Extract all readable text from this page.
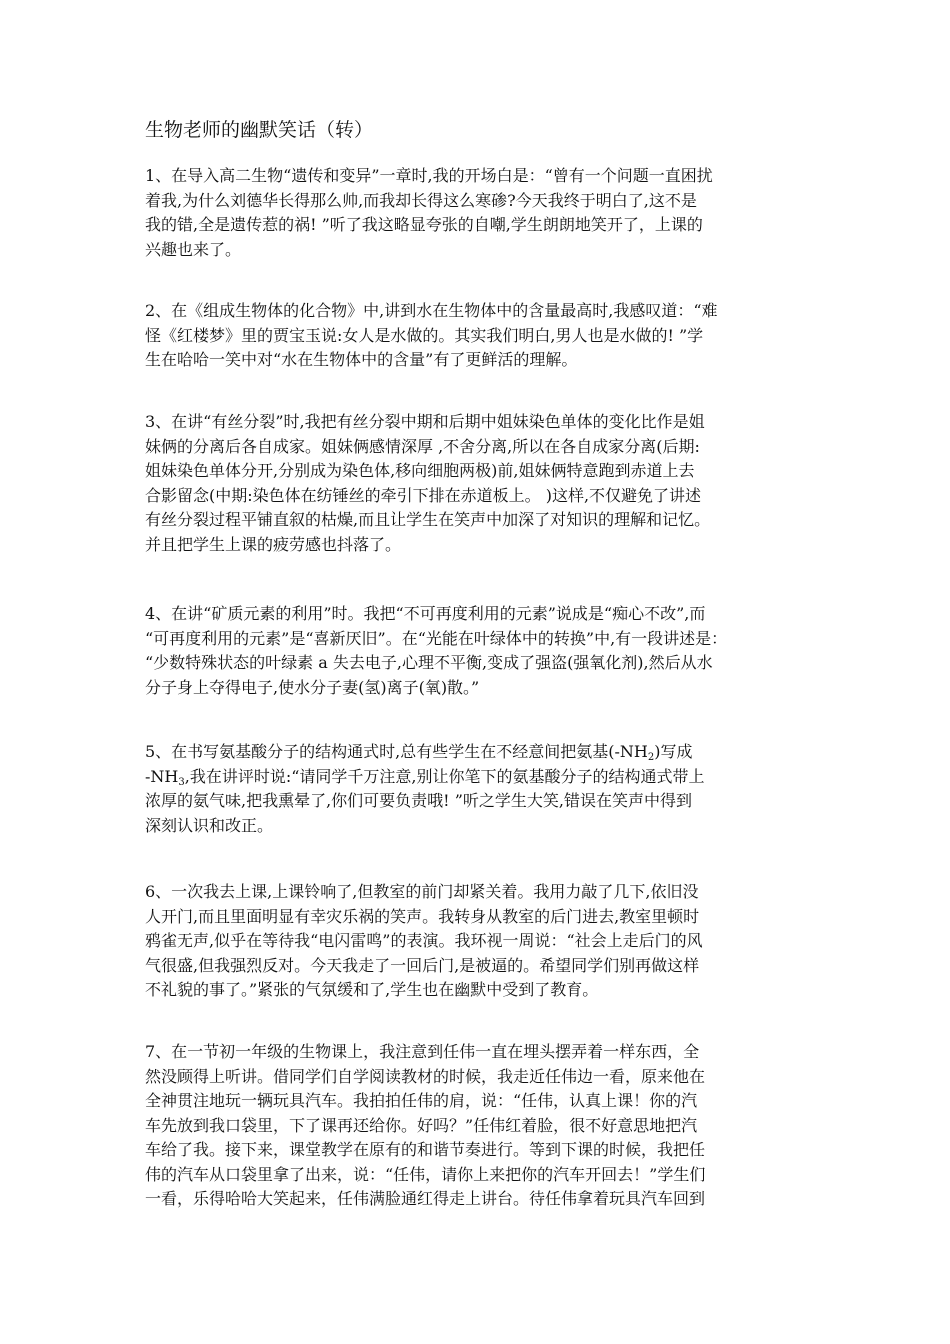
生物老师的幽默笑话（转）

1、在导入高二生物“遗传和变异”一章时,我的开场白是：“曾有一个问题一直困扰
着我,为什么刘德华长得那么帅,而我却长得这么寒碜?今天我终于明白了,这不是
我的错,全是遗传惹的祸! ”听了我这略显夸张的自嘲,学生朗朗地笑开了，上课的
兴趣也来了。

2、在《组成生物体的化合物》中,讲到水在生物体中的含量最高时,我感叹道：“难
怪《红楼梦》里的贾宝玉说:女人是水做的。其实我们明白,男人也是水做的! ”学
生在哈哈一笑中对“水在生物体中的含量”有了更鲜活的理解。

3、在讲“有丝分裂”时,我把有丝分裂中期和后期中姐妹染色单体的变化比作是姐
妹俩的分离后各自成家。姐妹俩感情深厚 ,不舍分离,所以在各自成家分离(后期:
姐妹染色单体分开,分别成为染色体,移向细胞两极)前,姐妹俩特意跑到赤道上去
合影留念(中期:染色体在纺锤丝的牵引下排在赤道板上。 )这样,不仅避免了讲述
有丝分裂过程平铺直叙的枯燥,而且让学生在笑声中加深了对知识的理解和记忆。
并且把学生上课的疲劳感也抖落了。

4、在讲“矿质元素的利用”时。我把“不可再度利用的元素”说成是“痴心不改”,而
“可再度利用的元素”是“喜新厌旧”。在“光能在叶绿体中的转换”中,有一段讲述是：
“少数特殊状态的叶绿素 a 失去电子,心理不平衡,变成了强盗(强氧化剂),然后从水
分子身上夺得电子,使水分子妻(氢)离子(氧)散。”

5、在书写氨基酸分子的结构通式时,总有些学生在不经意间把氨基$(-NH_2)$写成
$-NH_3$,我在讲评时说:“请同学千万注意,别让你笔下的氨基酸分子的结构通式带上
浓厚的氨气味,把我熏晕了,你们可要负责哦! ”听之学生大笑,错误在笑声中得到
深刻认识和改正。

6、一次我去上课,上课铃响了,但教室的前门却紧关着。我用力敲了几下,依旧没
人开门,而且里面明显有幸灾乐祸的笑声。我转身从教室的后门进去,教室里顿时
鸦雀无声,似乎在等待我“电闪雷鸣”的表演。我环视一周说：“社会上走后门的风
气很盛,但我强烈反对。今天我走了一回后门,是被逼的。希望同学们别再做这样
不礼貌的事了。”紧张的气氛缓和了,学生也在幽默中受到了教育。

7、在一节初一年级的生物课上，我注意到任伟一直在埋头摆弄着一样东西，全
然没顾得上听讲。借同学们自学阅读教材的时候，我走近任伟边一看，原来他在
全神贯注地玩一辆玩具汽车。我拍拍任伟的肩，说：“任伟，认真上课！你的汽
车先放到我口袋里，下了课再还给你。好吗？”任伟红着脸，很不好意思地把汽
车给了我。接下来，课堂教学在原有的和谐节奏进行。等到下课的时候，我把任
伟的汽车从口袋里拿了出来，说：“任伟，请你上来把你的汽车开回去！”学生们
一看，乐得哈哈大笑起来，任伟满脸通红得走上讲台。待任伟拿着玩具汽车回到
